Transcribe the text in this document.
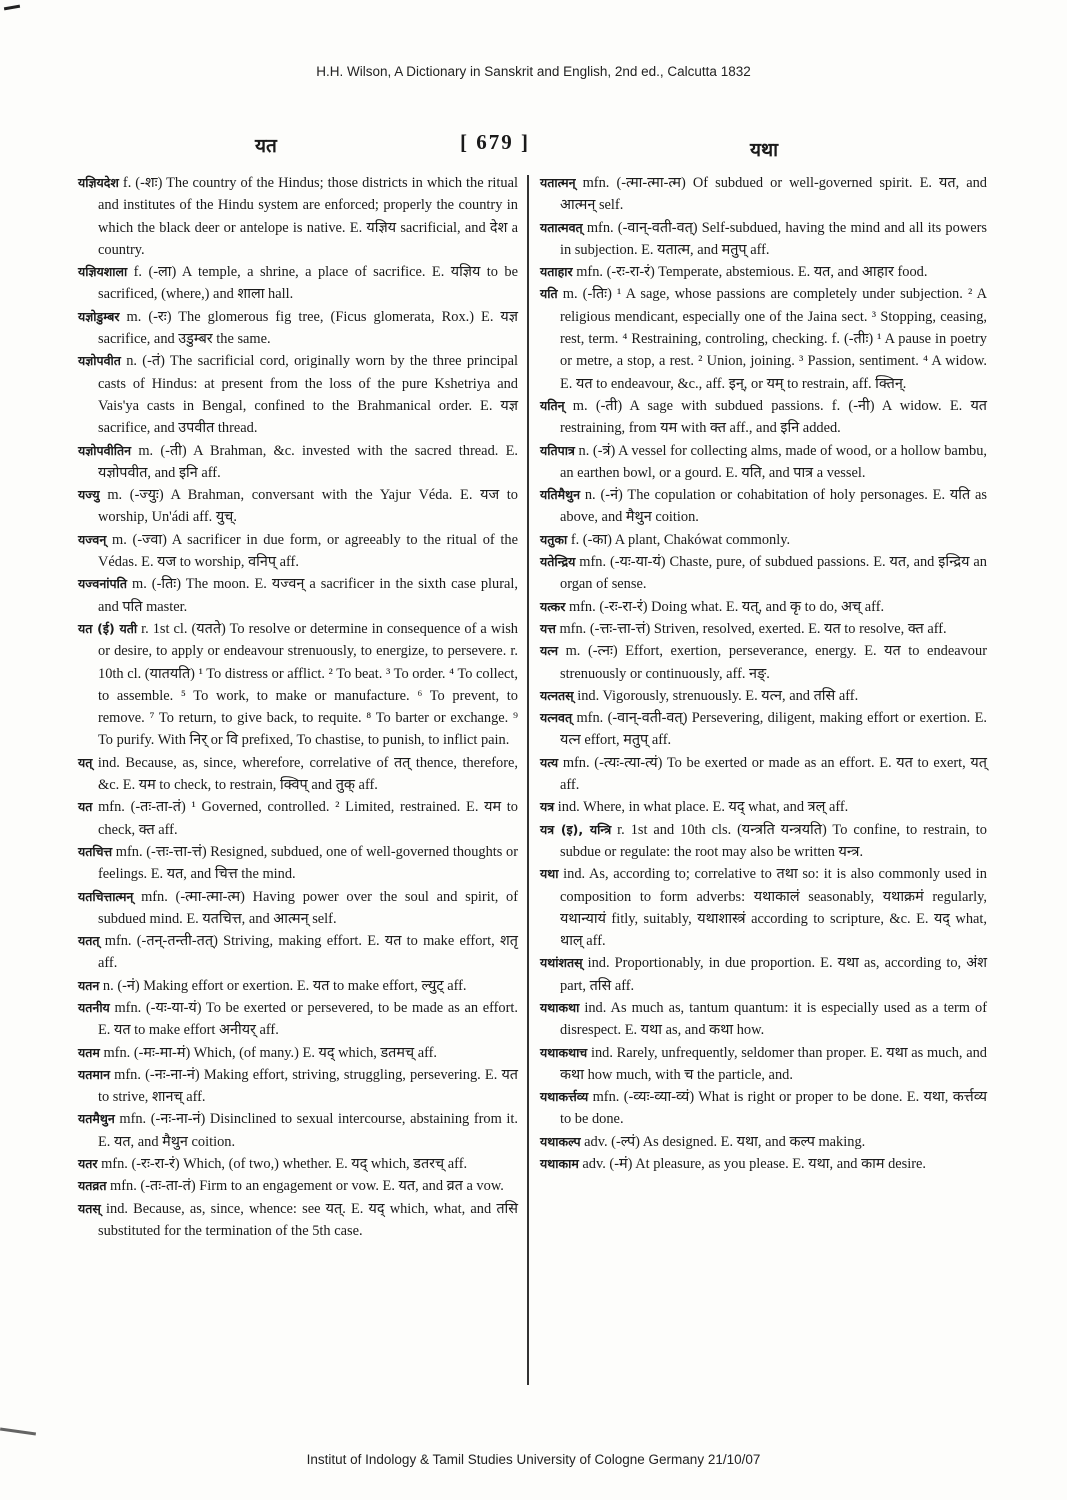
H.H. Wilson, A Dictionary in Sanskrit and English, 2nd ed., Calcutta 1832
यत	[ 679 ]	यथा

यज्ञियदेश f. (-शः) The country of the Hindus; those districts in which the ritual and institutes of the Hindu system are enforced; properly the country in which the black deer or antelope is native. E. यज्ञिय sacrificial, and देश a country.

यज्ञियशाला f. (-ला) A temple, a shrine, a place of sacrifice. E. यज्ञिय to be sacrificed, (where,) and शाला hall.

यज्ञोडुम्बर m. (-रः) The glomerous fig tree, (Ficus glomerata, Rox.) E. यज्ञ sacrifice, and उडुम्बर the same.

यज्ञोपवीत n. (-तं) The sacrificial cord, originally worn by the three principal casts of Hindus: at present from the loss of the pure Kshetriya and Vais'ya casts in Bengal, confined to the Brahmanical order. E. यज्ञ sacrifice, and उपवीत thread.

यज्ञोपवीतिन m. (-ती) A Brahman, &c. invested with the sacred thread. E. यज्ञोपवीत, and इनि aff.

यज्यु m. (-ज्युः) A Brahman, conversant with the Yajur Véda. E. यज to worship, Un'ádi aff. युच्.

यज्वन् m. (-ज्वा) A sacrificer in due form, or agreeably to the ritual of the Védas. E. यज to worship, वनिप् aff.

यज्वनांपति m. (-तिः) The moon. E. यज्वन् a sacrificer in the sixth case plural, and पति master.

यत (ई) यती r. 1st cl. (यतते) To resolve or determine in consequence of a wish or desire, to apply or endeavour strenuously, to energize, to persevere. r. 10th cl. (यातयति) ¹ To distress or afflict. ² To beat. ³ To order. ⁴ To collect, to assemble. ⁵ To work, to make or manufacture. ⁶ To prevent, to remove. ⁷ To return, to give back, to requite. ⁸ To barter or exchange. ⁹ To purify. With निर् or वि prefixed, To chastise, to punish, to inflict pain.

यत् ind. Because, as, since, wherefore, correlative of तत् thence, therefore, &c. E. यम to check, to restrain, क्विप् and तुक् aff.

यत mfn. (-तः-ता-तं) ¹ Governed, controlled. ² Limited, restrained. E. यम to check, क्त aff.

यतचित्त mfn. (-त्तः-त्ता-त्तं) Resigned, subdued, one of well-governed thoughts or feelings. E. यत, and चित्त the mind.

यतचित्तात्मन् mfn. (-त्मा-त्मा-त्म) Having power over the soul and spirit, of subdued mind. E. यतचित्त, and आत्मन् self.

यतत् mfn. (-तन्-तन्ती-तत्) Striving, making effort. E. यत to make effort, शतृ aff.

यतन n. (-नं) Making effort or exertion. E. यत to make effort, ल्युट् aff.

यतनीय mfn. (-यः-या-यं) To be exerted or persevered, to be made as an effort. E. यत to make effort अनीयर् aff.

यतम mfn. (-मः-मा-मं) Which, (of many.) E. यद् which, डतमच् aff.

यतमान mfn. (-नः-ना-नं) Making effort, striving, struggling, persevering. E. यत to strive, शानच् aff.

यतमैथुन mfn. (-नः-ना-नं) Disinclined to sexual intercourse, abstaining from it. E. यत, and मैथुन coition.

यतर mfn. (-रः-रा-रं) Which, (of two,) whether. E. यद् which, डतरच् aff.

यतव्रत mfn. (-तः-ता-तं) Firm to an engagement or vow. E. यत, and व्रत a vow.

यतस् ind. Because, as, since, whence: see यत्. E. यद् which, what, and तसि substituted for the termination of the 5th case.

यतात्मन् mfn. (-त्मा-त्मा-त्म) Of subdued or well-governed spirit. E. यत, and आत्मन् self.

यतात्मवत् mfn. (-वान्-वती-वत्) Self-subdued, having the mind and all its powers in subjection. E. यतात्म, and मतुप् aff.

यताहार mfn. (-रः-रा-रं) Temperate, abstemious. E. यत, and आहार food.

यति m. (-तिः) ¹ A sage, whose passions are completely under subjection. ² A religious mendicant, especially one of the Jaina sect. ³ Stopping, ceasing, rest, term. ⁴ Restraining, controling, checking. f. (-तीः) ¹ A pause in poetry or metre, a stop, a rest. ² Union, joining. ³ Passion, sentiment. ⁴ A widow. E. यत to endeavour, &c., aff. इन्, or यम् to restrain, aff. क्तिन्.

यतिन् m. (-ती) A sage with subdued passions. f. (-नी) A widow. E. यत restraining, from यम with क्त aff., and इनि added.

यतिपात्र n. (-त्रं) A vessel for collecting alms, made of wood, or a hollow bambu, an earthen bowl, or a gourd. E. यति, and पात्र a vessel.

यतिमैथुन n. (-नं) The copulation or cohabitation of holy personages. E. यति as above, and मैथुन coition.

यतुका f. (-का) A plant, Chakówat commonly.

यतेन्द्रिय mfn. (-यः-या-यं) Chaste, pure, of subdued passions. E. यत, and इन्द्रिय an organ of sense.

यत्कर mfn. (-रः-रा-रं) Doing what. E. यत्, and कृ to do, अच् aff.

यत्त mfn. (-त्तः-त्ता-त्तं) Striven, resolved, exerted. E. यत to resolve, क्त aff.

यत्न m. (-त्नः) Effort, exertion, perseverance, energy. E. यत to endeavour strenuously or continuously, aff. नङ्.

यत्नतस् ind. Vigorously, strenuously. E. यत्न, and तसि aff.

यत्नवत् mfn. (-वान्-वती-वत्) Persevering, diligent, making effort or exertion. E. यत्न effort, मतुप् aff.

यत्य mfn. (-त्यः-त्या-त्यं) To be exerted or made as an effort. E. यत to exert, यत् aff.

यत्र ind. Where, in what place. E. यद् what, and त्रल् aff.

यत्र (इ), यन्त्रि r. 1st and 10th cls. (यन्त्रति यन्त्रयति) To confine, to restrain, to subdue or regulate: the root may also be written यन्त्र.

यथा ind. As, according to; correlative to तथा so: it is also commonly used in composition to form adverbs: यथाकालं seasonably, यथाक्रमं regularly, यथान्यायं fitly, suitably, यथाशास्त्रं according to scripture, &c. E. यद् what, थाल् aff.

यथांशतस् ind. Proportionably, in due proportion. E. यथा as, according to, अंश part, तसि aff.

यथाकथा ind. As much as, tantum quantum: it is especially used as a term of disrespect. E. यथा as, and कथा how.

यथाकथाच ind. Rarely, unfrequently, seldomer than proper. E. यथा as much, and कथा how much, with च the particle, and.

यथाकर्त्तव्य mfn. (-व्यः-व्या-व्यं) What is right or proper to be done. E. यथा, कर्त्तव्य to be done.

यथाकल्प adv. (-ल्पं) As designed. E. यथा, and कल्प making.

यथाकाम adv. (-मं) At pleasure, as you please. E. यथा, and काम desire.

Institut of Indology & Tamil Studies University of Cologne Germany 21/10/07
